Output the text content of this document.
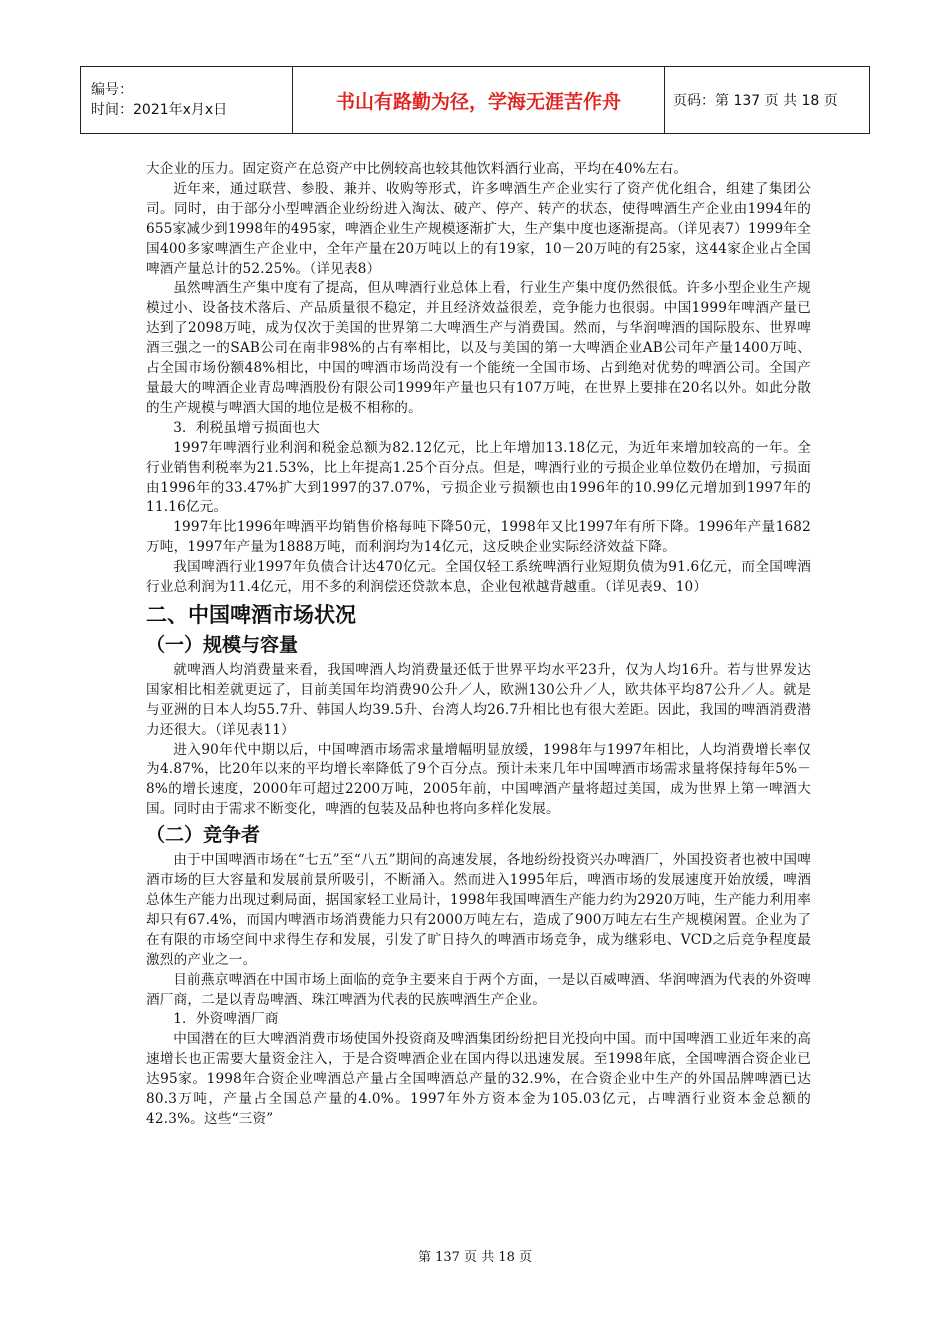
编号：
时间：2021年x月x日	书山有路勤为径，学海无涯苦作舟	页码：第 137 页 共 18 页

大企业的压力。固定资产在总资产中比例较高也较其他饮料酒行业高，平均在40%左右。

近年来，通过联营、参股、兼并、收购等形式，许多啤酒生产企业实行了资产优化组合，组建了集团公司。同时，由于部分小型啤酒企业纷纷进入淘汰、破产、停产、转产的状态，使得啤酒生产企业由1994年的655家减少到1998年的495家，啤酒企业生产规模逐渐扩大，生产集中度也逐渐提高。（详见表7）1999年全国400多家啤酒生产企业中，全年产量在20万吨以上的有19家，10－20万吨的有25家，这44家企业占全国啤酒产量总计的52.25%。（详见表8）

虽然啤酒生产集中度有了提高，但从啤酒行业总体上看，行业生产集中度仍然很低。许多小型企业生产规模过小、设备技术落后、产品质量很不稳定，并且经济效益很差，竞争能力也很弱。中国1999年啤酒产量已达到了2098万吨，成为仅次于美国的世界第二大啤酒生产与消费国。然而，与华润啤酒的国际股东、世界啤酒三强之一的SAB公司在南非98%的占有率相比，以及与美国的第一大啤酒企业AB公司年产量1400万吨、占全国市场份额48%相比，中国的啤酒市场尚没有一个能统一全国市场、占到绝对优势的啤酒公司。全国产量最大的啤酒企业青岛啤酒股份有限公司1999年产量也只有107万吨，在世界上要排在20名以外。如此分散的生产规模与啤酒大国的地位是极不相称的。

3．利税虽增亏损面也大

1997年啤酒行业利润和税金总额为82.12亿元，比上年增加13.18亿元，为近年来增加较高的一年。全行业销售利税率为21.53%，比上年提高1.25个百分点。但是，啤酒行业的亏损企业单位数仍在增加，亏损面由1996年的33.47%扩大到1997的37.07%，亏损企业亏损额也由1996年的10.99亿元增加到1997年的11.16亿元。

1997年比1996年啤酒平均销售价格每吨下降50元，1998年又比1997年有所下降。1996年产量1682万吨，1997年产量为1888万吨，而利润均为14亿元，这反映企业实际经济效益下降。

我国啤酒行业1997年负债合计达470亿元。全国仅轻工系统啤酒行业短期负债为91.6亿元，而全国啤酒行业总利润为11.4亿元，用不多的利润偿还贷款本息，企业包袱越背越重。（详见表9、10）

二、中国啤酒市场状况
（一）规模与容量

就啤酒人均消费量来看，我国啤酒人均消费量还低于世界平均水平23升，仅为人均16升。若与世界发达国家相比相差就更远了，目前美国年均消费90公升／人，欧洲130公升／人，欧共体平均87公升／人。就是与亚洲的日本人均55.7升、韩国人均39.5升、台湾人均26.7升相比也有很大差距。因此，我国的啤酒消费潜力还很大。（详见表11）

进入90年代中期以后，中国啤酒市场需求量增幅明显放缓，1998年与1997年相比，人均消费增长率仅为4.87%，比20年以来的平均增长率降低了9个百分点。预计未来几年中国啤酒市场需求量将保持每年5%－8%的增长速度，2000年可超过2200万吨，2005年前，中国啤酒产量将超过美国，成为世界上第一啤酒大国。同时由于需求不断变化，啤酒的包装及品种也将向多样化发展。

（二）竞争者

由于中国啤酒市场在“七五”至“八五”期间的高速发展，各地纷纷投资兴办啤酒厂，外国投资者也被中国啤酒市场的巨大容量和发展前景所吸引，不断涌入。然而进入1995年后，啤酒市场的发展速度开始放缓，啤酒总体生产能力出现过剩局面，据国家轻工业局计，1998年我国啤酒生产能力约为2920万吨，生产能力利用率却只有67.4%，而国内啤酒市场消费能力只有2000万吨左右，造成了900万吨左右生产规模闲置。企业为了在有限的市场空间中求得生存和发展，引发了旷日持久的啤酒市场竞争，成为继彩电、VCD之后竞争程度最激烈的产业之一。

目前燕京啤酒在中国市场上面临的竞争主要来自于两个方面，一是以百威啤酒、华润啤酒为代表的外资啤酒厂商，二是以青岛啤酒、珠江啤酒为代表的民族啤酒生产企业。

1．外资啤酒厂商

中国潜在的巨大啤酒消费市场使国外投资商及啤酒集团纷纷把目光投向中国。而中国啤酒工业近年来的高速增长也正需要大量资金注入，于是合资啤酒企业在国内得以迅速发展。至1998年底，全国啤酒合资企业已达95家。1998年合资企业啤酒总产量占全国啤酒总产量的32.9%，在合资企业中生产的外国品牌啤酒已达80.3万吨，产量占全国总产量的4.0%。1997年外方资本金为105.03亿元，占啤酒行业资本金总额的42.3%。这些“三资”

第 137 页 共 18 页
